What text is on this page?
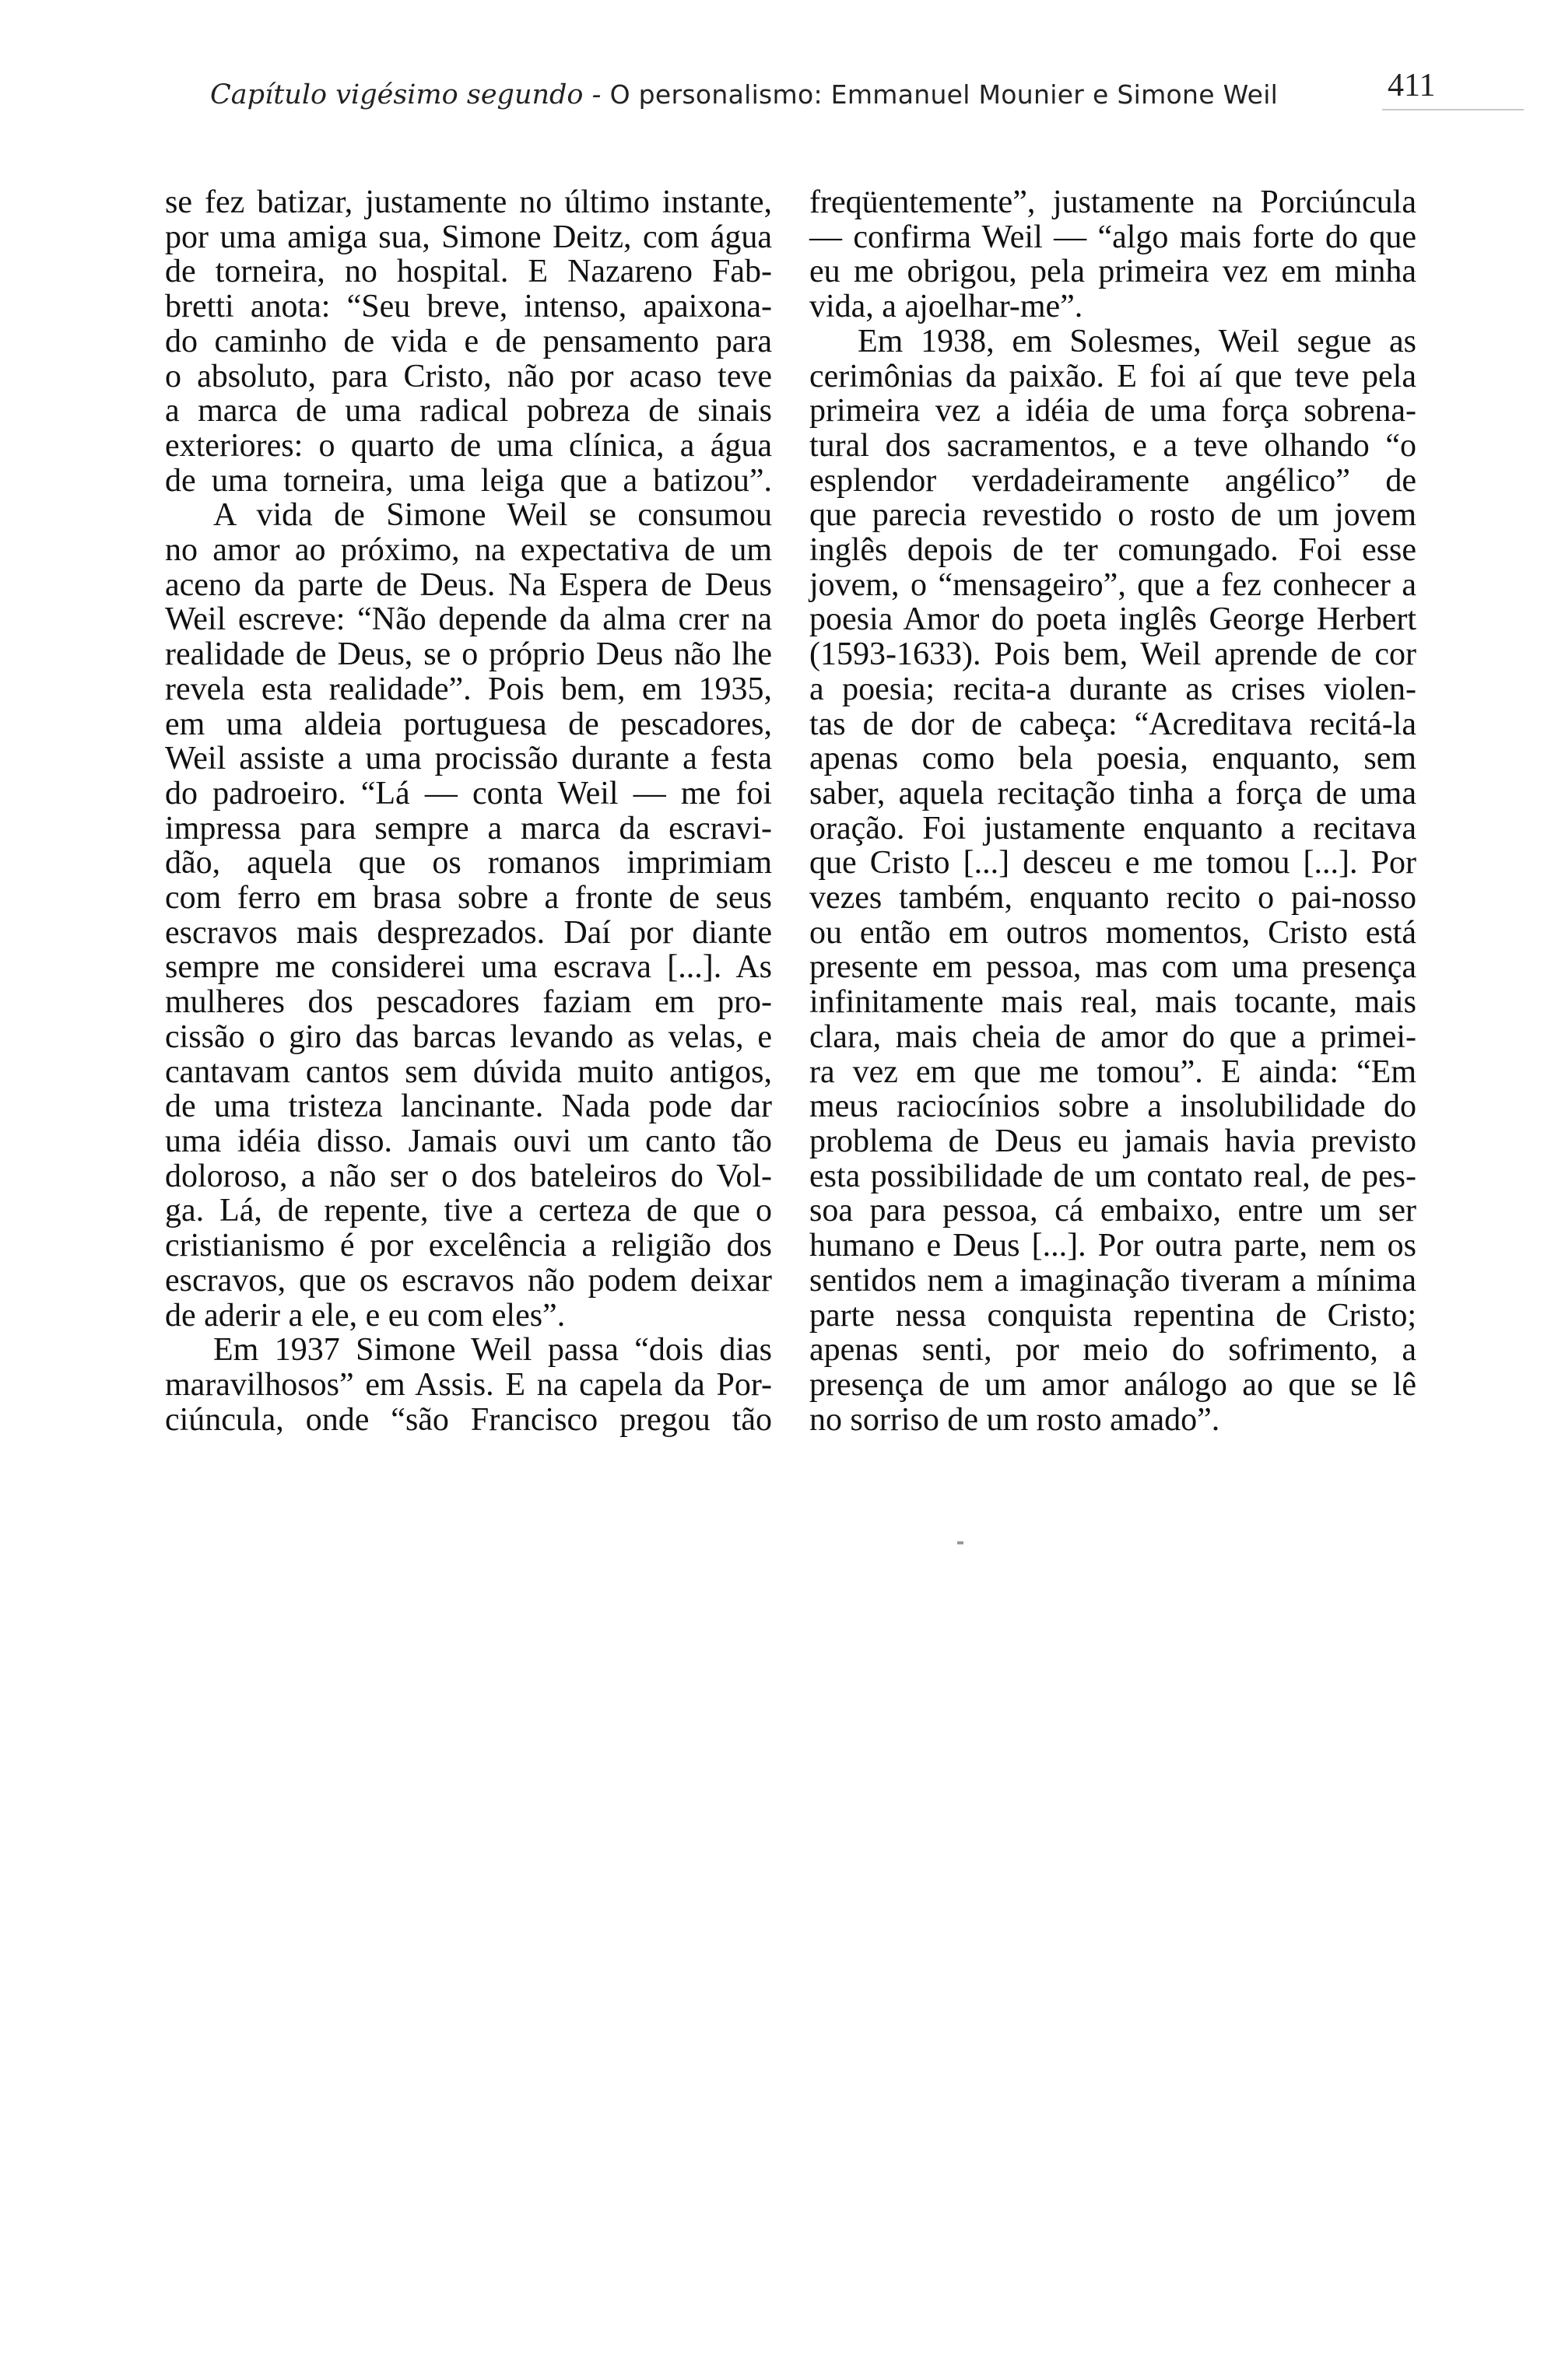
Capítulo vigésimo segundo - O personalismo: Emmanuel Mounier e Simone Weil	411
se fez batizar, justamente no último instante,
por uma amiga sua, Simone Deitz, com água
de torneira, no hospital. E Nazareno Fab-
bretti anota: “Seu breve, intenso, apaixona-
do caminho de vida e de pensamento para
o absoluto, para Cristo, não por acaso teve
a marca de uma radical pobreza de sinais
exteriores: o quarto de uma clínica, a água
de uma torneira, uma leiga que a batizou”.
A vida de Simone Weil se consumou
no amor ao próximo, na expectativa de um
aceno da parte de Deus. Na Espera de Deus
Weil escreve: “Não depende da alma crer na
realidade de Deus, se o próprio Deus não lhe
revela esta realidade”. Pois bem, em 1935,
em uma aldeia portuguesa de pescadores,
Weil assiste a uma procissão durante a festa
do padroeiro. “Lá — conta Weil — me foi
impressa para sempre a marca da escravi-
dão, aquela que os romanos imprimiam
com ferro em brasa sobre a fronte de seus
escravos mais desprezados. Daí por diante
sempre me considerei uma escrava [...]. As
mulheres dos pescadores faziam em pro-
cissão o giro das barcas levando as velas, e
cantavam cantos sem dúvida muito antigos,
de uma tristeza lancinante. Nada pode dar
uma idéia disso. Jamais ouvi um canto tão
doloroso, a não ser o dos bateleiros do Vol-
ga. Lá, de repente, tive a certeza de que o
cristianismo é por excelência a religião dos
escravos, que os escravos não podem deixar
de aderir a ele, e eu com eles”.
Em 1937 Simone Weil passa “dois dias
maravilhosos” em Assis. E na capela da Por-
ciúncula, onde “são Francisco pregou tão
freqüentemente”, justamente na Porciúncula
— confirma Weil — “algo mais forte do que
eu me obrigou, pela primeira vez em minha
vida, a ajoelhar-me”.
Em 1938, em Solesmes, Weil segue as
cerimônias da paixão. E foi aí que teve pela
primeira vez a idéia de uma força sobrena-
tural dos sacramentos, e a teve olhando “o
esplendor verdadeiramente angélico” de
que parecia revestido o rosto de um jovem
inglês depois de ter comungado. Foi esse
jovem, o “mensageiro”, que a fez conhecer a
poesia Amor do poeta inglês George Herbert
(1593-1633). Pois bem, Weil aprende de cor
a poesia; recita-a durante as crises violen-
tas de dor de cabeça: “Acreditava recitá-la
apenas como bela poesia, enquanto, sem
saber, aquela recitação tinha a força de uma
oração. Foi justamente enquanto a recitava
que Cristo [...] desceu e me tomou [...]. Por
vezes também, enquanto recito o pai-nosso
ou então em outros momentos, Cristo está
presente em pessoa, mas com uma presença
infinitamente mais real, mais tocante, mais
clara, mais cheia de amor do que a primei-
ra vez em que me tomou”. E ainda: “Em
meus raciocínios sobre a insolubilidade do
problema de Deus eu jamais havia previsto
esta possibilidade de um contato real, de pes-
soa para pessoa, cá embaixo, entre um ser
humano e Deus [...]. Por outra parte, nem os
sentidos nem a imaginação tiveram a mínima
parte nessa conquista repentina de Cristo;
apenas senti, por meio do sofrimento, a
presença de um amor análogo ao que se lê
no sorriso de um rosto amado”.
